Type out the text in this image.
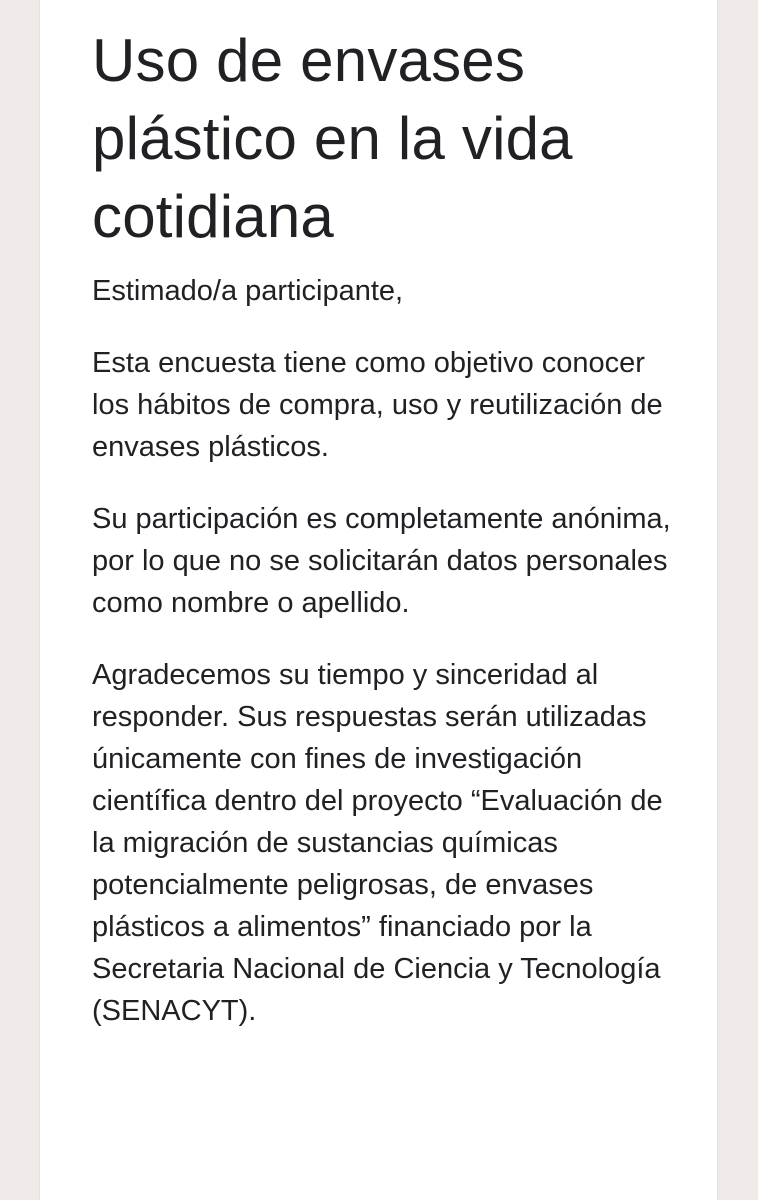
Uso de envases plástico en la vida cotidiana

Estimado/a participante,

Esta encuesta tiene como objetivo conocer los hábitos de compra, uso y reutilización de envases plásticos.

Su participación es completamente anónima, por lo que no se solicitarán datos personales como nombre o apellido.

Agradecemos su tiempo y sinceridad al responder. Sus respuestas serán utilizadas únicamente con fines de investigación científica dentro del proyecto “Evaluación de la migración de sustancias químicas potencialmente peligrosas, de envases plásticos a alimentos” financiado por la Secretaria Nacional de Ciencia y Tecnología (SENACYT).
